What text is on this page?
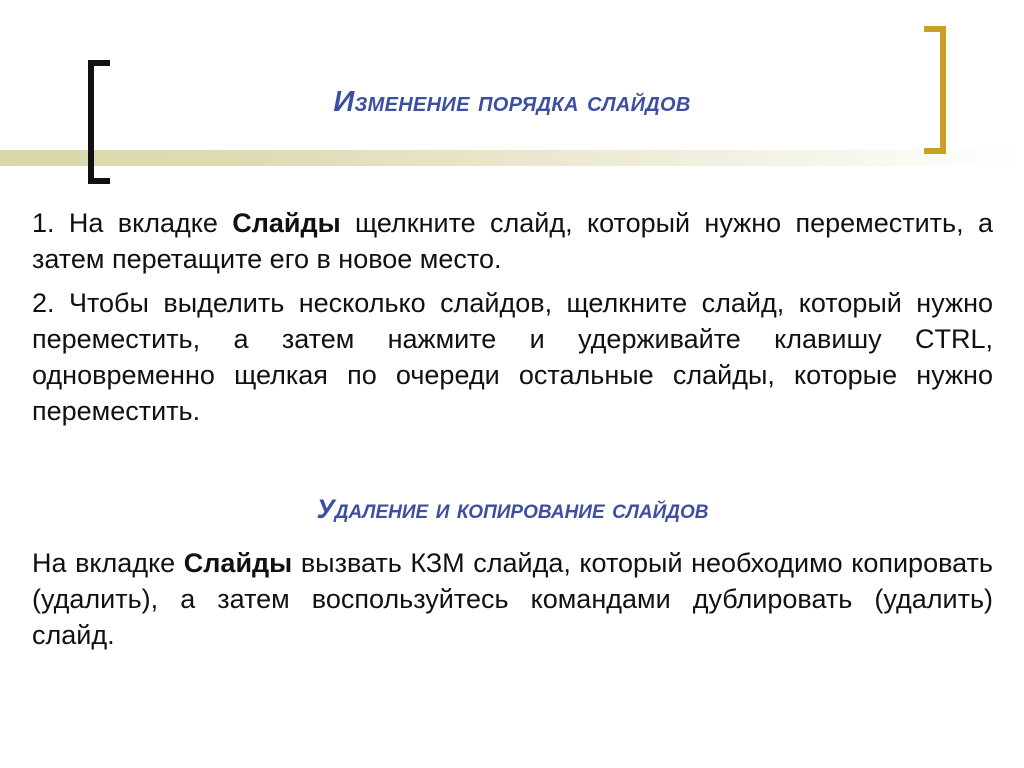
Изменение порядка слайдов

1. На вкладке Слайды щелкните слайд, который нужно переместить, а затем перетащите его в новое место.

2. Чтобы выделить несколько слайдов, щелкните слайд, который нужно переместить, а затем нажмите и удерживайте клавишу CTRL, одновременно щелкая по очереди остальные слайды, которые нужно переместить.

Удаление и копирование слайдов

На вкладке Слайды вызвать КЗМ слайда, который необходимо копировать (удалить), а затем воспользуйтесь командами дублировать (удалить) слайд.
